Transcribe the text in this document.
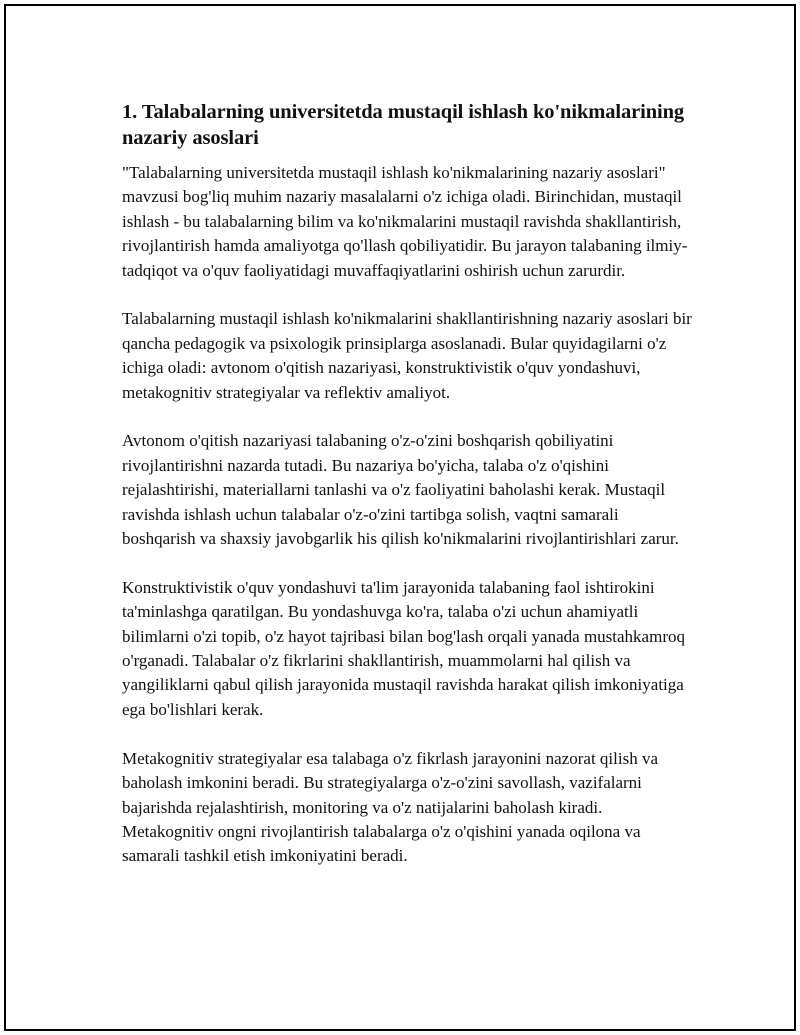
1. Talabalarning universitetda mustaqil ishlash ko'nikmalarining nazariy asoslari

"Talabalarning universitetda mustaqil ishlash ko'nikmalarining nazariy asoslari" mavzusi bog'liq muhim nazariy masalalarni o'z ichiga oladi. Birinchidan, mustaqil ishlash - bu talabalarning bilim va ko'nikmalarini mustaqil ravishda shakllantirish, rivojlantirish hamda amaliyotga qo'llash qobiliyatidir. Bu jarayon talabaning ilmiy-tadqiqot va o'quv faoliyatidagi muvaffaqiyatlarini oshirish uchun zarurdir.

Talabalarning mustaqil ishlash ko'nikmalarini shakllantirishning nazariy asoslari bir qancha pedagogik va psixologik prinsiplarga asoslanadi. Bular quyidagilarni o'z ichiga oladi: avtonom o'qitish nazariyasi, konstruktivistik o'quv yondashuvi, metakognitiv strategiyalar va reflektiv amaliyot.

Avtonom o'qitish nazariyasi talabaning o'z-o'zini boshqarish qobiliyatini rivojlantirishni nazarda tutadi. Bu nazariya bo'yicha, talaba o'z o'qishini rejalashtirishi, materiallarni tanlashi va o'z faoliyatini baholashi kerak. Mustaqil ravishda ishlash uchun talabalar o'z-o'zini tartibga solish, vaqtni samarali boshqarish va shaxsiy javobgarlik his qilish ko'nikmalarini rivojlantirishlari zarur.

Konstruktivistik o'quv yondashuvi ta'lim jarayonida talabaning faol ishtirokini ta'minlashga qaratilgan. Bu yondashuvga ko'ra, talaba o'zi uchun ahamiyatli bilimlarni o'zi topib, o'z hayot tajribasi bilan bog'lash orqali yanada mustahkamroq o'rganadi. Talabalar o'z fikrlarini shakllantirish, muammolarni hal qilish va yangiliklarni qabul qilish jarayonida mustaqil ravishda harakat qilish imkoniyatiga ega bo'lishlari kerak.

Metakognitiv strategiyalar esa talabaga o'z fikrlash jarayonini nazorat qilish va baholash imkonini beradi. Bu strategiyalarga o'z-o'zini savollash, vazifalarni bajarishda rejalashtirish, monitoring va o'z natijalarini baholash kiradi. Metakognitiv ongni rivojlantirish talabalarga o'z o'qishini yanada oqilona va samarali tashkil etish imkoniyatini beradi.
